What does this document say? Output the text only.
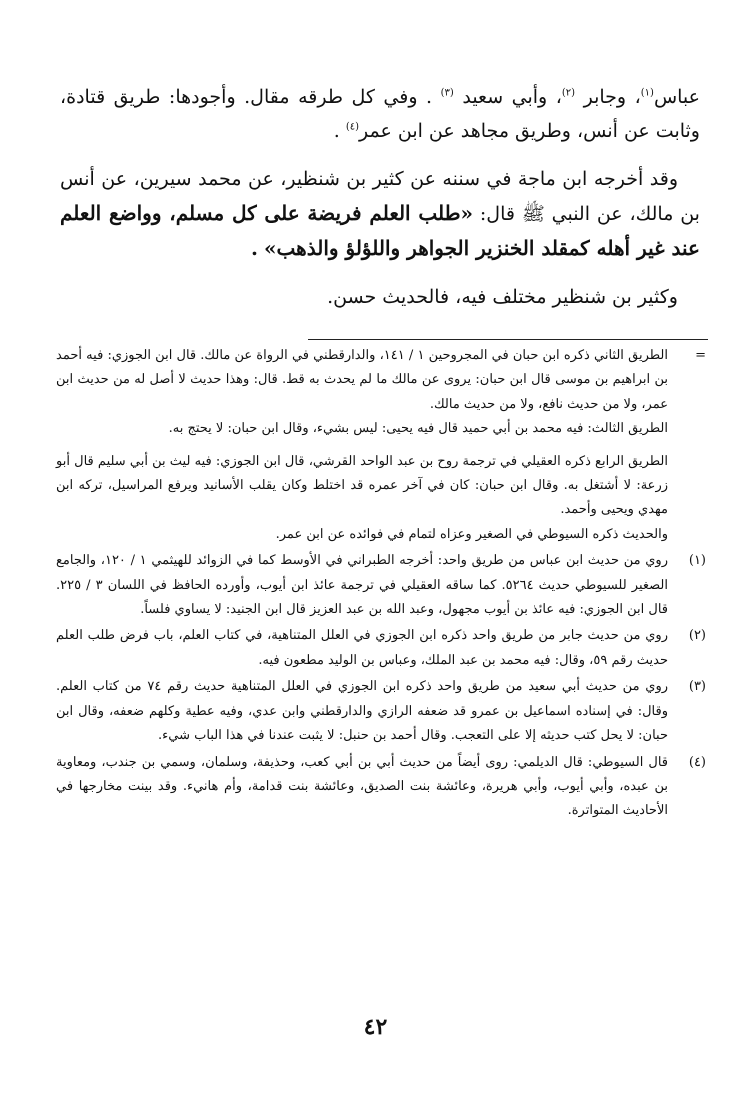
عباس$^{(١)}$، وجابر $^{(٢)}$، وأبي سعيد $^{(٣)}$ . وفي كل طرقه مقال. وأجودها: طريق قتادة، وثابت عن أنس، وطريق مجاهد عن ابن عمر$^{(٤)}$ .

وقد أخرجه ابن ماجة في سننه عن كثير بن شنظير، عن محمد سيرين، عن أنس بن مالك، عن النبي ﷺ قال: «طلب العلم فريضة على كل مسلم، وواضع العلم عند غير أهله كمقلد الخنزير الجواهر واللؤلؤ والذهب» .

وكثير بن شنظير مختلف فيه، فالحديث حسن.

=

الطريق الثاني ذكره ابن حبان في المجروحين ١ / ١٤١، والدارقطني في الرواة عن مالك. قال ابن الجوزي: فيه أحمد بن ابراهيم بن موسى قال ابن حبان: يروى عن مالك ما لم يحدث به قط. قال: وهذا حديث لا أصل له من حديث ابن عمر، ولا من حديث نافع، ولا من حديث مالك.

الطريق الثالث: فيه محمد بن أبي حميد قال فيه يحيى: ليس بشيء، وقال ابن حبان: لا يحتج به.

الطريق الرابع ذكره العقيلي في ترجمة روح بن عبد الواحد القرشي، قال ابن الجوزي: فيه ليث بن أبي سليم قال أبو زرعة: لا أشتغل به. وقال ابن حبان: كان في آخر عمره قد اختلط وكان يقلب الأسانيد ويرفع المراسيل، تركه ابن مهدي ويحيى وأحمد.

والحديث ذكره السيوطي في الصغير وعزاه لتمام في فوائده عن ابن عمر.

(١)

روي من حديث ابن عباس من طريق واحد: أخرجه الطبراني في الأوسط كما في الزوائد للهيثمي ١ / ١٢٠، والجامع الصغير للسيوطي حديث ٥٢٦٤. كما ساقه العقيلي في ترجمة عائذ ابن أيوب، وأورده الحافظ في اللسان ٣ / ٢٢٥. قال ابن الجوزي: فيه عائذ بن أيوب مجهول، وعبد الله بن عبد العزيز قال ابن الجنيد: لا يساوي فلساً.

(٢)

روي من حديث جابر من طريق واحد ذكره ابن الجوزي في العلل المتناهية، في كتاب العلم، باب فرض طلب العلم حديث رقم ٥٩، وقال: فيه محمد بن عبد الملك، وعباس بن الوليد مطعون فيه.

(٣)

روي من حديث أبي سعيد من طريق واحد ذكره ابن الجوزي في العلل المتناهية حديث رقم ٧٤ من كتاب العلم. وقال: في إسناده اسماعيل بن عمرو قد ضعفه الرازي والدارقطني وابن عدي، وفيه عطية وكلهم ضعفه، وقال ابن حبان: لا يحل كتب حديثه إلا على التعجب. وقال أحمد بن حنبل: لا يثبت عندنا في هذا الباب شيء.

(٤)

قال السيوطي: قال الديلمي: روى أيضاً من حديث أبي بن أبي كعب، وحذيفة، وسلمان، وسمي بن جندب، ومعاوية بن عبده، وأبي أيوب، وأبي هريرة، وعائشة بنت الصديق، وعائشة بنت قدامة، وأم هانيء. وقد بينت مخارجها في الأحاديث المتواترة.

٤٢
